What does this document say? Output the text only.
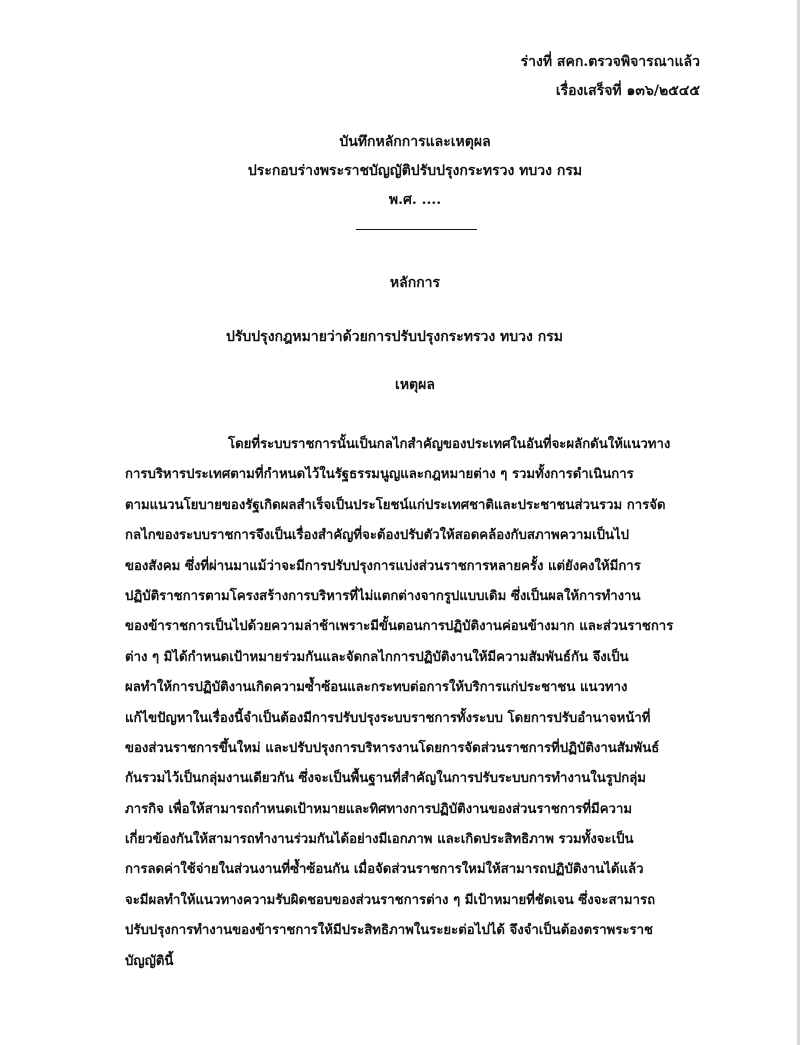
ร่างที่ สคก.ตรวจพิจารณาแล้ว
เรื่องเสร็จที่ ๑๓๖/๒๕๔๕
บันทึกหลักการและเหตุผล
ประกอบร่างพระราชบัญญัติปรับปรุงกระทรวง ทบวง กรม
พ.ศ. ....
หลักการ
ปรับปรุงกฎหมายว่าด้วยการปรับปรุงกระทรวง ทบวง กรม
เหตุผล
โดยที่ระบบราชการนั้นเป็นกลไกสำคัญของประเทศในอันที่จะผลักดันให้แนวทาง
การบริหารประเทศตามที่กำหนดไว้ในรัฐธรรมนูญและกฎหมายต่าง ๆ รวมทั้งการดำเนินการ
ตามแนวนโยบายของรัฐเกิดผลสำเร็จเป็นประโยชน์แก่ประเทศชาติและประชาชนส่วนรวม การจัด
กลไกของระบบราชการจึงเป็นเรื่องสำคัญที่จะต้องปรับตัวให้สอดคล้องกับสภาพความเป็นไป
ของสังคม ซึ่งที่ผ่านมาแม้ว่าจะมีการปรับปรุงการแบ่งส่วนราชการหลายครั้ง แต่ยังคงให้มีการ
ปฏิบัติราชการตามโครงสร้างการบริหารที่ไม่แตกต่างจากรูปแบบเดิม ซึ่งเป็นผลให้การทำงาน
ของข้าราชการเป็นไปด้วยความล่าช้าเพราะมีขั้นตอนการปฏิบัติงานค่อนข้างมาก และส่วนราชการ
ต่าง ๆ มิได้กำหนดเป้าหมายร่วมกันและจัดกลไกการปฏิบัติงานให้มีความสัมพันธ์กัน จึงเป็น
ผลทำให้การปฏิบัติงานเกิดความซ้ำซ้อนและกระทบต่อการให้บริการแก่ประชาชน แนวทาง
แก้ไขปัญหาในเรื่องนี้จำเป็นต้องมีการปรับปรุงระบบราชการทั้งระบบ โดยการปรับอำนาจหน้าที่
ของส่วนราชการขึ้นใหม่ และปรับปรุงการบริหารงานโดยการจัดส่วนราชการที่ปฏิบัติงานสัมพันธ์
กันรวมไว้เป็นกลุ่มงานเดียวกัน ซึ่งจะเป็นพื้นฐานที่สำคัญในการปรับระบบการทำงานในรูปกลุ่ม
ภารกิจ เพื่อให้สามารถกำหนดเป้าหมายและทิศทางการปฏิบัติงานของส่วนราชการที่มีความ
เกี่ยวข้องกันให้สามารถทำงานร่วมกันได้อย่างมีเอกภาพ และเกิดประสิทธิภาพ รวมทั้งจะเป็น
การลดค่าใช้จ่ายในส่วนงานที่ซ้ำซ้อนกัน เมื่อจัดส่วนราชการใหม่ให้สามารถปฏิบัติงานได้แล้ว
จะมีผลทำให้แนวทางความรับผิดชอบของส่วนราชการต่าง ๆ มีเป้าหมายที่ชัดเจน ซึ่งจะสามารถ
ปรับปรุงการทำงานของข้าราชการให้มีประสิทธิภาพในระยะต่อไปได้ จึงจำเป็นต้องตราพระราช
บัญญัตินี้
